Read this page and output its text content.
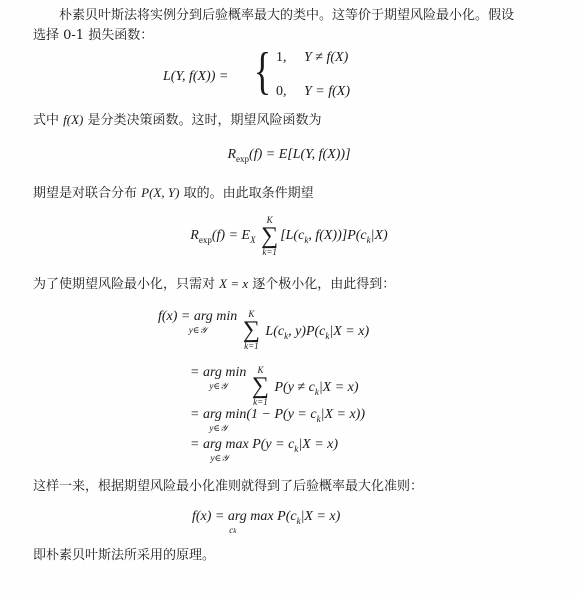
朴素贝叶斯法将实例分到后验概率最大的类中。这等价于期望风险最小化。假设
选择 0-1 损失函数：
L(Y, f(X)) = { 1, Y ≠ f(X)
0, Y = f(X)
式中 f(X) 是分类决策函数。这时，期望风险函数为
$R_{exp}(f) = E[L(Y$, f(X))]
期望是对联合分布 P(X, Y) 取的。由此取条件期望
$R_{exp}(f) = E_X$
K
∑
k=1
[$L(c_k$, $f(X))]P(c_k|X)$
为了使期望风险最小化，只需对 X = x 逐个极小化，由此得到：
f(x) = arg min
y∈𝒴

K
∑
k=1
$L(c_k$, $y)P(c_k|X = x)$
= arg min
y∈𝒴

K
∑
k=1
$P(y \ne c_k|X = x)$
= arg min
y∈𝒴
$(1 - P(y = c_k|X = x))$
= arg max
y∈𝒴
$P(y = c_k|X = x)$
这样一来，根据期望风险最小化准则就得到了后验概率最大化准则：
f(x) = arg max
ck
$P(c_k|X = x)$
即朴素贝叶斯法所采用的原理。
